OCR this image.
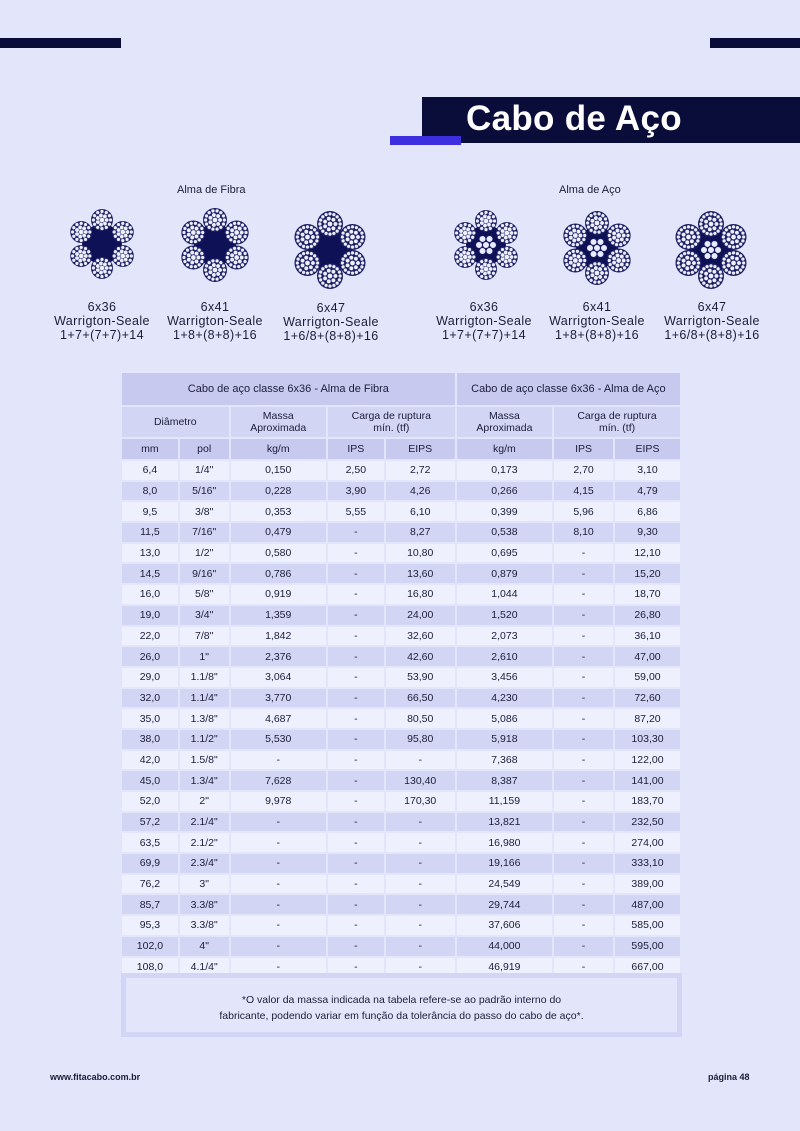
Cabo de Aço
Alma de Fibra	Alma de Aço
6x36
Warrigton-Seale
1+7+(7+7)+14
6x41
Warrigton-Seale
1+8+(8+8)+16
6x47
Warrigton-Seale
1+6/8+(8+8)+16
6x36
Warrigton-Seale
1+7+(7+7)+14
6x41
Warrigton-Seale
1+8+(8+8)+16
6x47
Warrigton-Seale
1+6/8+(8+8)+16
Cabo de aço classe 6x36 - Alma de Fibra					Cabo de aço classe 6x36 - Alma de Aço		
Diâmetro		Massa Aproximada	Carga de ruptura mín. (tf)		Massa Aproximada	Carga de ruptura mín. (tf)	

mm	pol	kg/m	IPS	EIPS	kg/m	IPS	EIPS
6,4	1/4"	0,150	2,50	2,72	0,173	2,70	3,10
8,0	5/16"	0,228	3,90	4,26	0,266	4,15	4,79
9,5	3/8"	0,353	5,55	6,10	0,399	5,96	6,86
11,5	7/16"	0,479	-	8,27	0,538	8,10	9,30
13,0	1/2"	0,580	-	10,80	0,695	-	12,10
14,5	9/16"	0,786	-	13,60	0,879	-	15,20
16,0	5/8"	0,919	-	16,80	1,044	-	18,70
19,0	3/4"	1,359	-	24,00	1,520	-	26,80
22,0	7/8"	1,842	-	32,60	2,073	-	36,10
26,0	1"	2,376	-	42,60	2,610	-	47,00
29,0	1.1/8"	3,064	-	53,90	3,456	-	59,00
32,0	1.1/4"	3,770	-	66,50	4,230	-	72,60
35,0	1.3/8"	4,687	-	80,50	5,086	-	87,20
38,0	1.1/2"	5,530	-	95,80	5,918	-	103,30
42,0	1.5/8"	-	-	-	7,368	-	122,00
45,0	1.3/4"	7,628	-	130,40	8,387	-	141,00
52,0	2"	9,978	-	170,30	11,159	-	183,70
57,2	2.1/4"	-	-	-	13,821	-	232,50
63,5	2.1/2"	-	-	-	16,980	-	274,00
69,9	2.3/4"	-	-	-	19,166	-	333,10
76,2	3"	-	-	-	24,549	-	389,00
85,7	3.3/8"	-	-	-	29,744	-	487,00
95,3	3.3/8"	-	-	-	37,606	-	585,00
102,0	4"	-	-	-	44,000	-	595,00
108,0	4.1/4"	-	-	-	46,919	-	667,00
*O valor da massa indicada na tabela refere-se ao padrão interno do
fabricante, podendo variar em função da tolerância do passo do cabo de aço*.
www.fitacabo.com.br	página 48
